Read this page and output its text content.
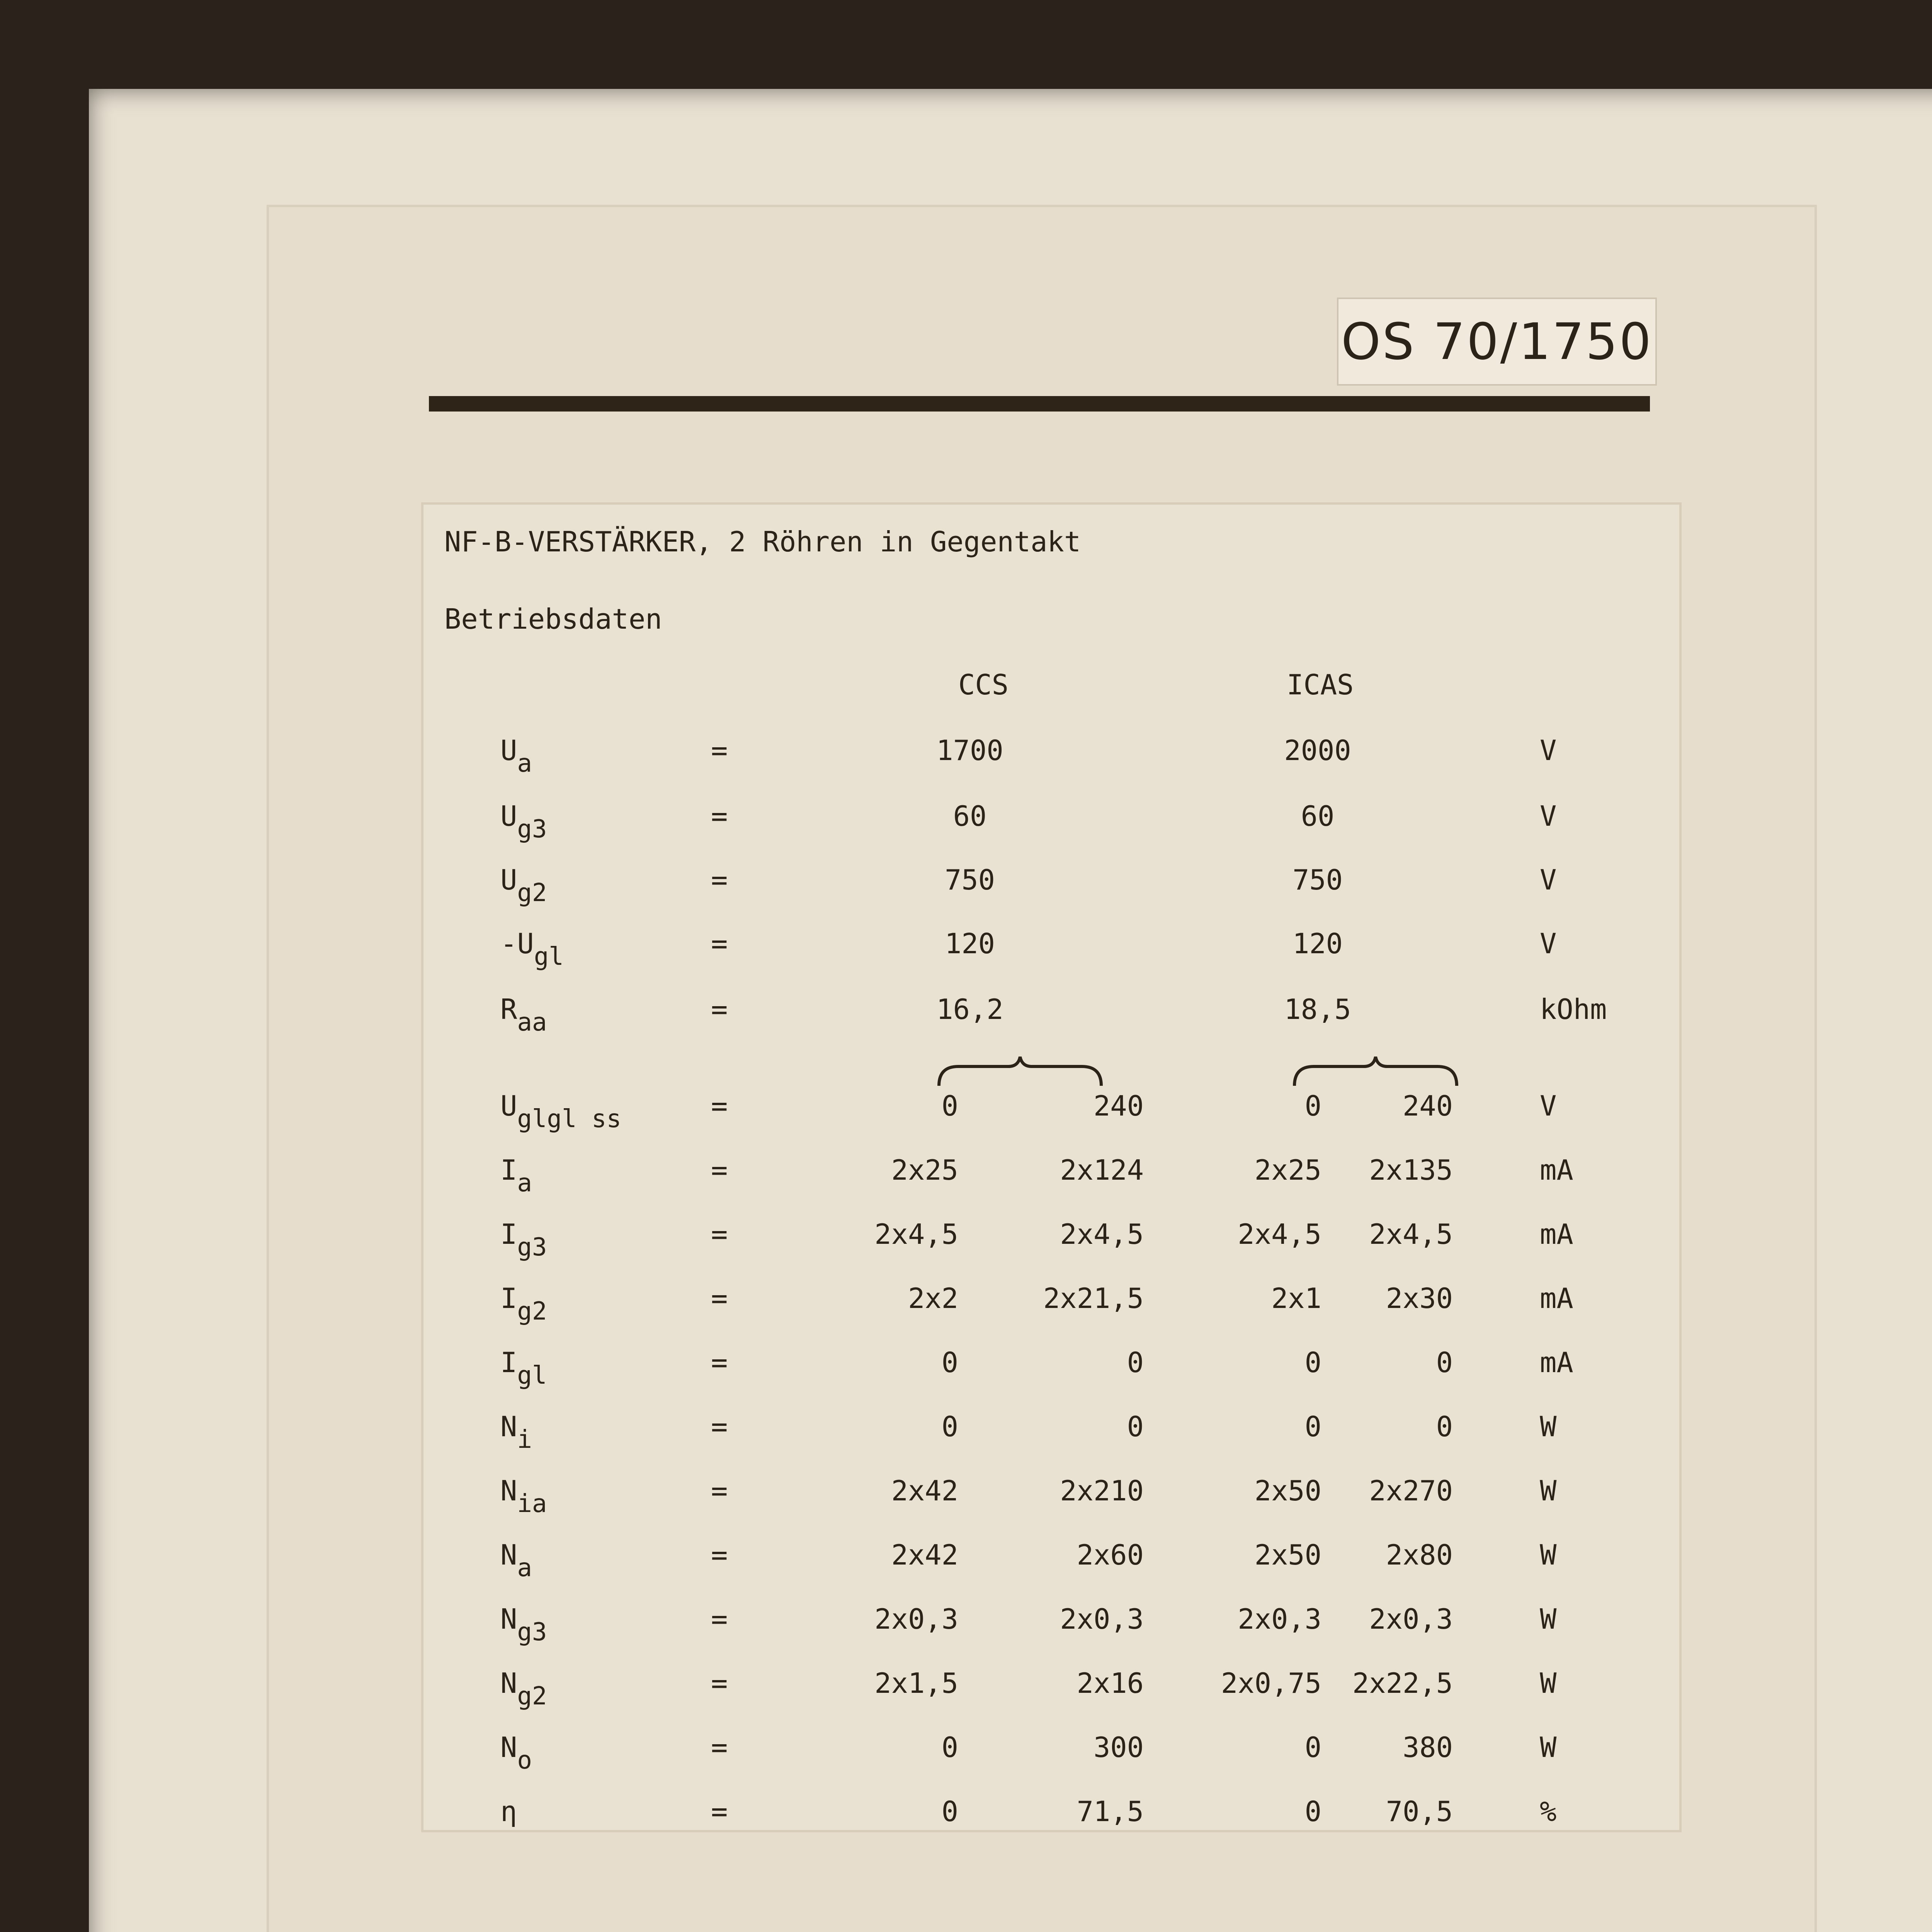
OS 70/1750
NF-B-VERSTÄRKER, 2 Röhren in Gegentakt
Betriebsdaten
CCS	ICAS
$U_a$	=	1700	2000	V
$U_{g3}$	=	60	60	V
$U_{g2}$	=	750	750	V
$-U_{gl}$	=	120	120	V
$R_{aa}$	=	16,2	18,5	kOhm
$U_{glgl ss}$	=	0	240	0	240	V
$I_a$	=	2x25	2x124	2x25	2x135	mA
$I_{g3}$	=	2x4,5	2x4,5	2x4,5	2x4,5	mA
$I_{g2}$	=	2x2	2x21,5	2x1	2x30	mA
$I_{gl}$	=	0	0	0	0	mA
$N_i$	=	0	0	0	0	W
$N_{ia}$	=	2x42	2x210	2x50	2x270	W
$N_a$	=	2x42	2x60	2x50	2x80	W
$N_{g3}$	=	2x0,3	2x0,3	2x0,3	2x0,3	W
$N_{g2}$	=	2x1,5	2x16	2x0,75	2x22,5	W
$N_o$	=	0	300	0	380	W
η	=	0	71,5	0	70,5	%
